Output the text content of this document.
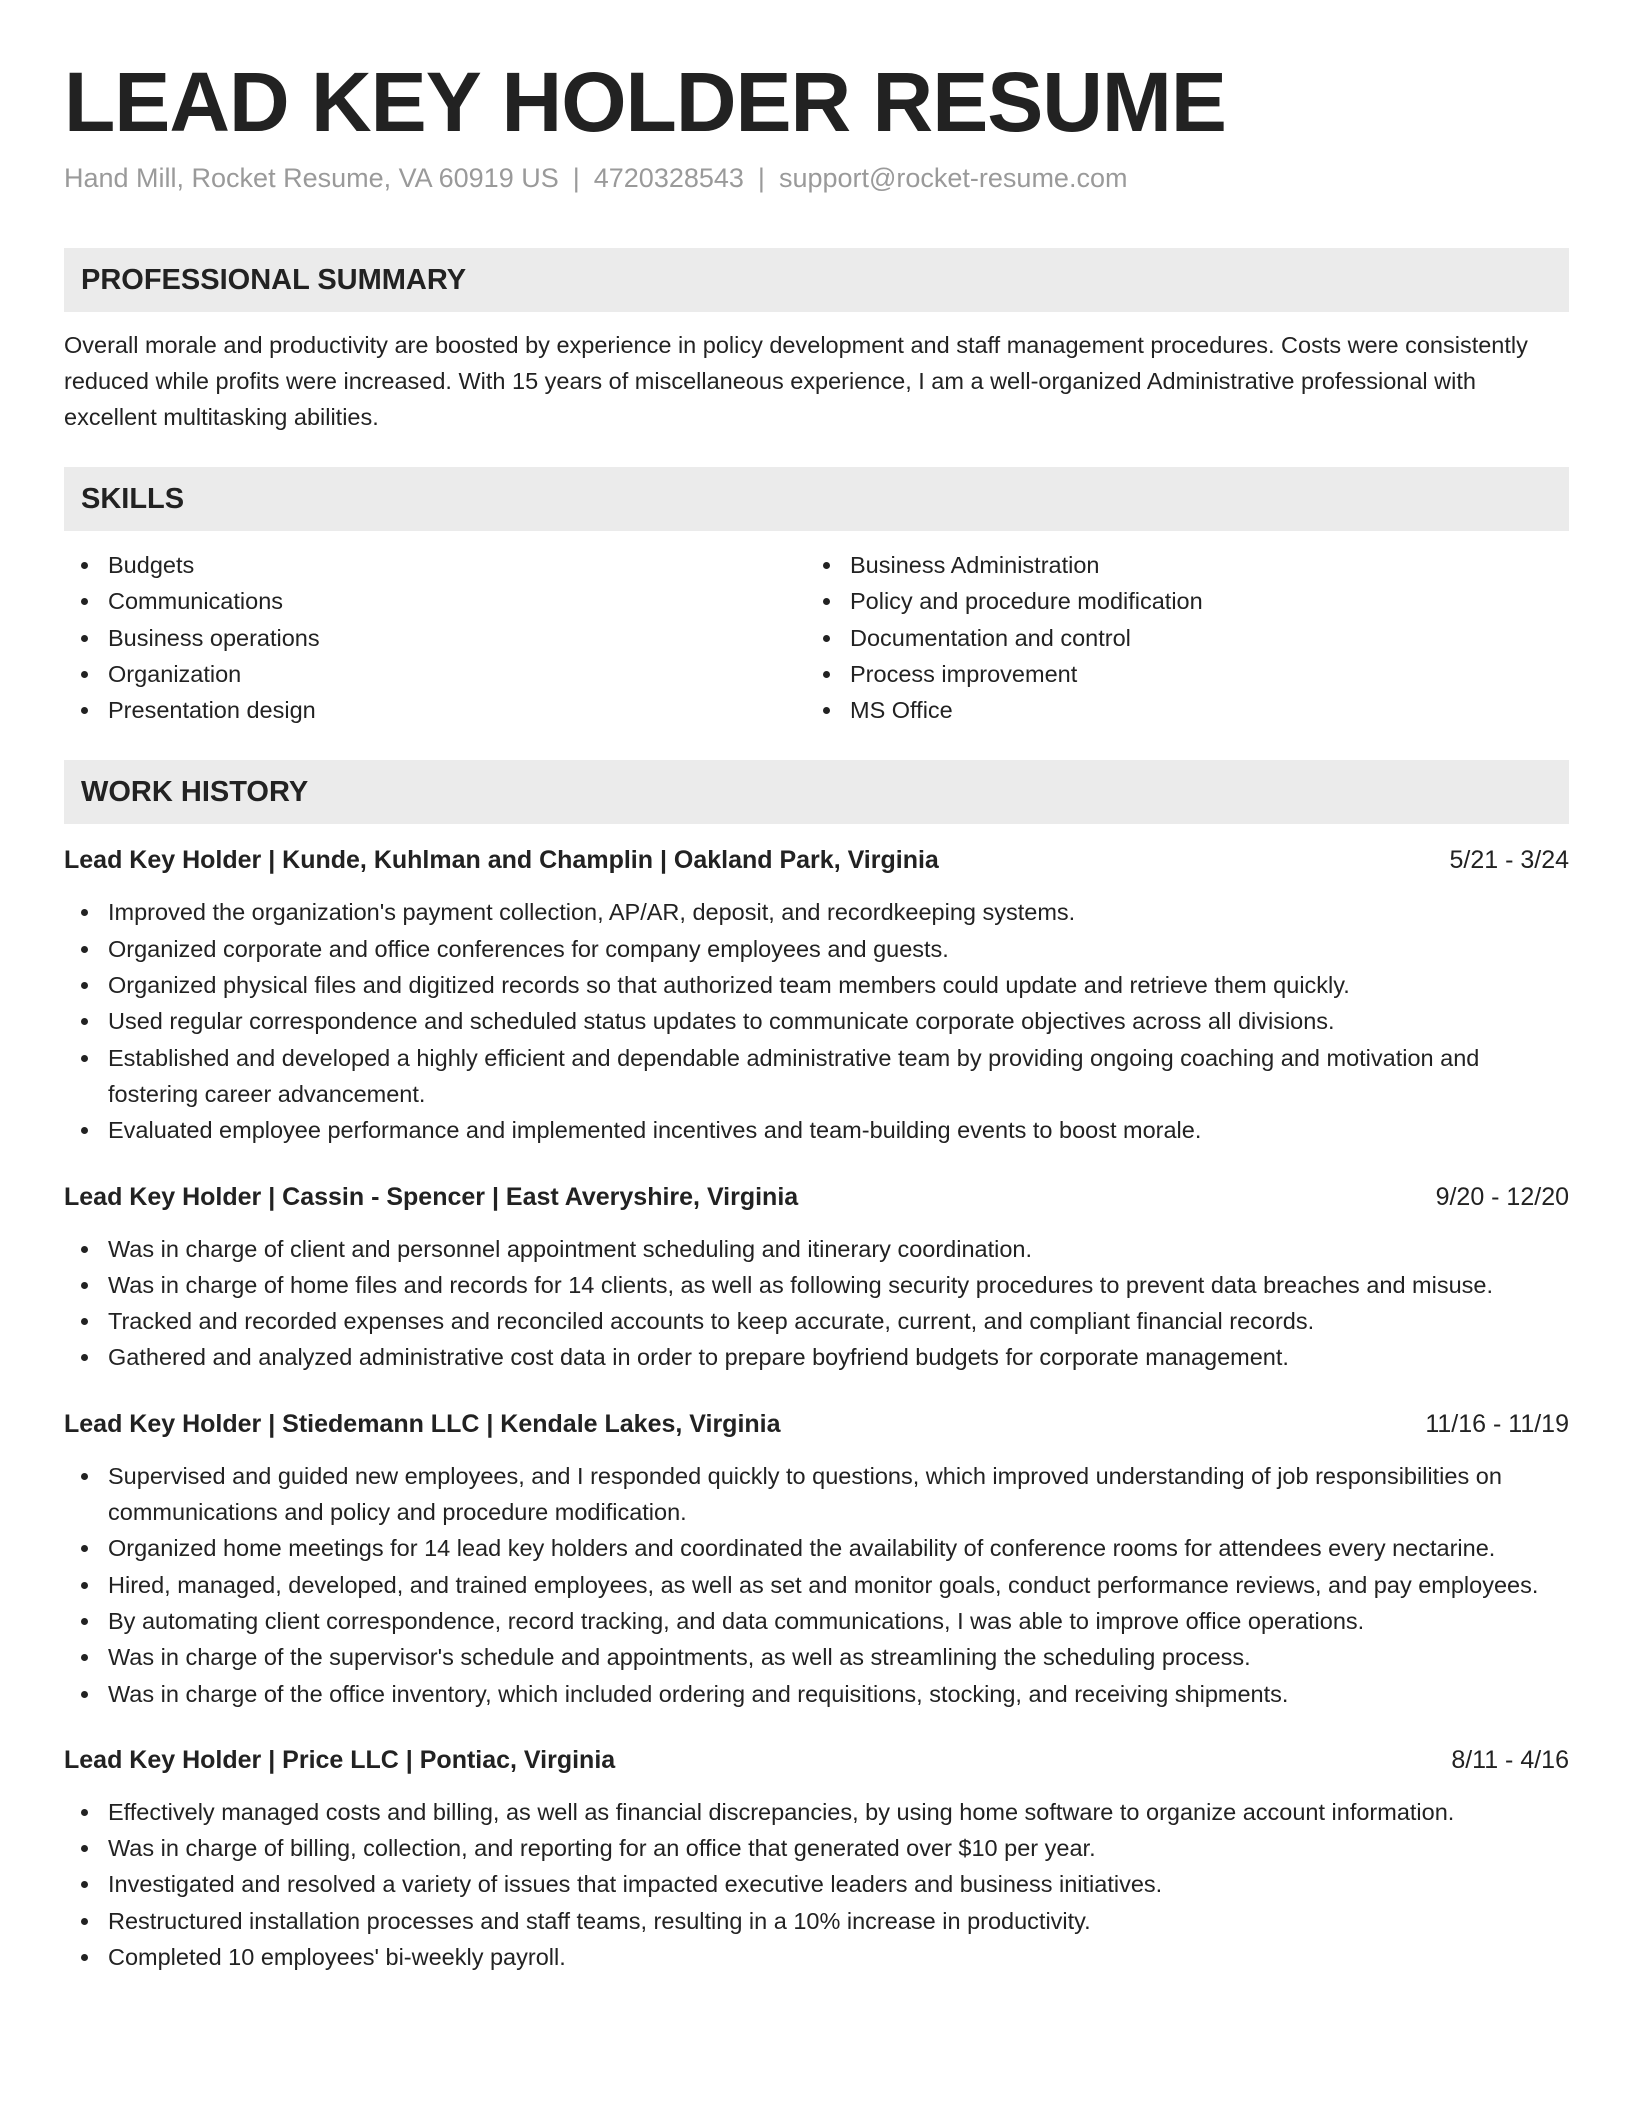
LEAD KEY HOLDER RESUME
Hand Mill, Rocket Resume, VA 60919 US | 4720328543 | support@rocket-resume.com
PROFESSIONAL SUMMARY
Overall morale and productivity are boosted by experience in policy development and staff management procedures. Costs were consistently reduced while profits were increased. With 15 years of miscellaneous experience, I am a well-organized Administrative professional with excellent multitasking abilities.
SKILLS
Budgets
Communications
Business operations
Organization
Presentation design
Business Administration
Policy and procedure modification
Documentation and control
Process improvement
MS Office
WORK HISTORY
Lead Key Holder | Kunde, Kuhlman and Champlin | Oakland Park, Virginia	5/21 - 3/24
Improved the organization's payment collection, AP/AR, deposit, and recordkeeping systems.
Organized corporate and office conferences for company employees and guests.
Organized physical files and digitized records so that authorized team members could update and retrieve them quickly.
Used regular correspondence and scheduled status updates to communicate corporate objectives across all divisions.
Established and developed a highly efficient and dependable administrative team by providing ongoing coaching and motivation and fostering career advancement.
Evaluated employee performance and implemented incentives and team-building events to boost morale.
Lead Key Holder | Cassin - Spencer | East Averyshire, Virginia	9/20 - 12/20
Was in charge of client and personnel appointment scheduling and itinerary coordination.
Was in charge of home files and records for 14 clients, as well as following security procedures to prevent data breaches and misuse.
Tracked and recorded expenses and reconciled accounts to keep accurate, current, and compliant financial records.
Gathered and analyzed administrative cost data in order to prepare boyfriend budgets for corporate management.
Lead Key Holder | Stiedemann LLC | Kendale Lakes, Virginia	11/16 - 11/19
Supervised and guided new employees, and I responded quickly to questions, which improved understanding of job responsibilities on communications and policy and procedure modification.
Organized home meetings for 14 lead key holders and coordinated the availability of conference rooms for attendees every nectarine.
Hired, managed, developed, and trained employees, as well as set and monitor goals, conduct performance reviews, and pay employees.
By automating client correspondence, record tracking, and data communications, I was able to improve office operations.
Was in charge of the supervisor's schedule and appointments, as well as streamlining the scheduling process.
Was in charge of the office inventory, which included ordering and requisitions, stocking, and receiving shipments.
Lead Key Holder | Price LLC | Pontiac, Virginia	8/11 - 4/16
Effectively managed costs and billing, as well as financial discrepancies, by using home software to organize account information.
Was in charge of billing, collection, and reporting for an office that generated over $10 per year.
Investigated and resolved a variety of issues that impacted executive leaders and business initiatives.
Restructured installation processes and staff teams, resulting in a 10% increase in productivity.
Completed 10 employees' bi-weekly payroll.
